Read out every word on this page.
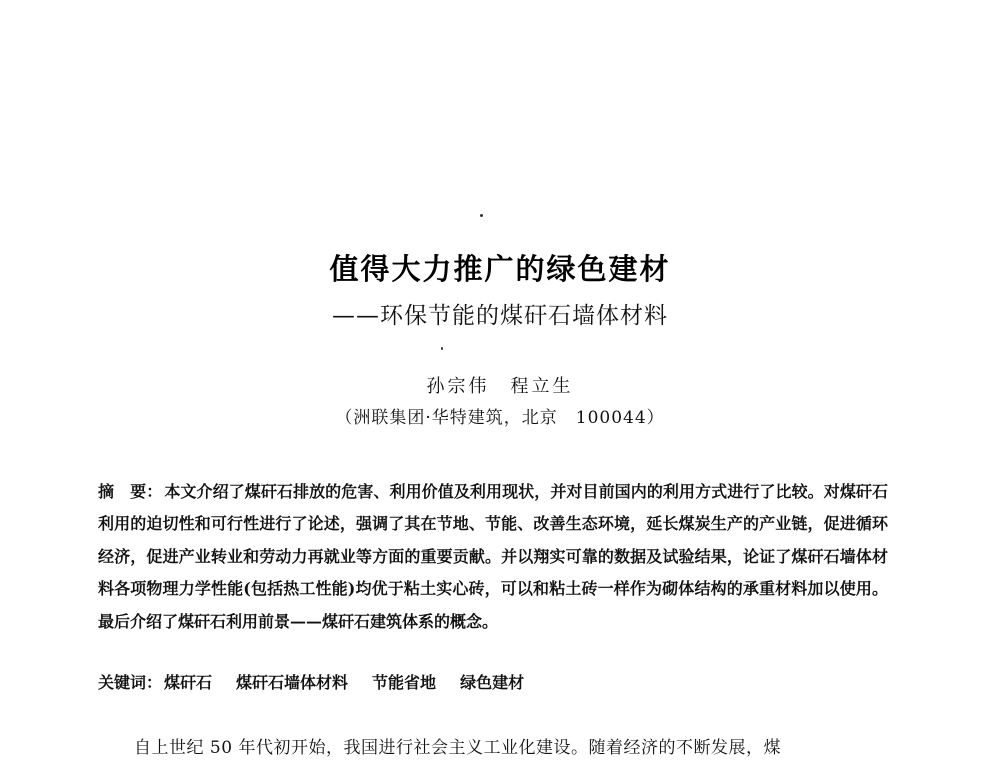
值得大力推广的绿色建材
——环保节能的煤矸石墙体材料
孙宗伟　程立生
（洲联集团·华特建筑，北京　100044）
摘　要： 本文介绍了煤矸石排放的危害、利用价值及利用现状，并对目前国内的利用方式进行了比较。对煤矸石利用的迫切性和可行性进行了论述，强调了其在节地、节能、改善生态环境，延长煤炭生产的产业链，促进循环经济，促进产业转业和劳动力再就业等方面的重要贡献。并以翔实可靠的数据及试验结果，论证了煤矸石墙体材料各项物理力学性能(包括热工性能)均优于粘土实心砖，可以和粘土砖一样作为砌体结构的承重材料加以使用。最后介绍了煤矸石利用前景——煤矸石建筑体系的概念。
关键词： 煤矸石 煤矸石墙体材料 节能省地 绿色建材
自上世纪 50 年代初开始，我国进行社会主义工业化建设。随着经济的不断发展，煤
